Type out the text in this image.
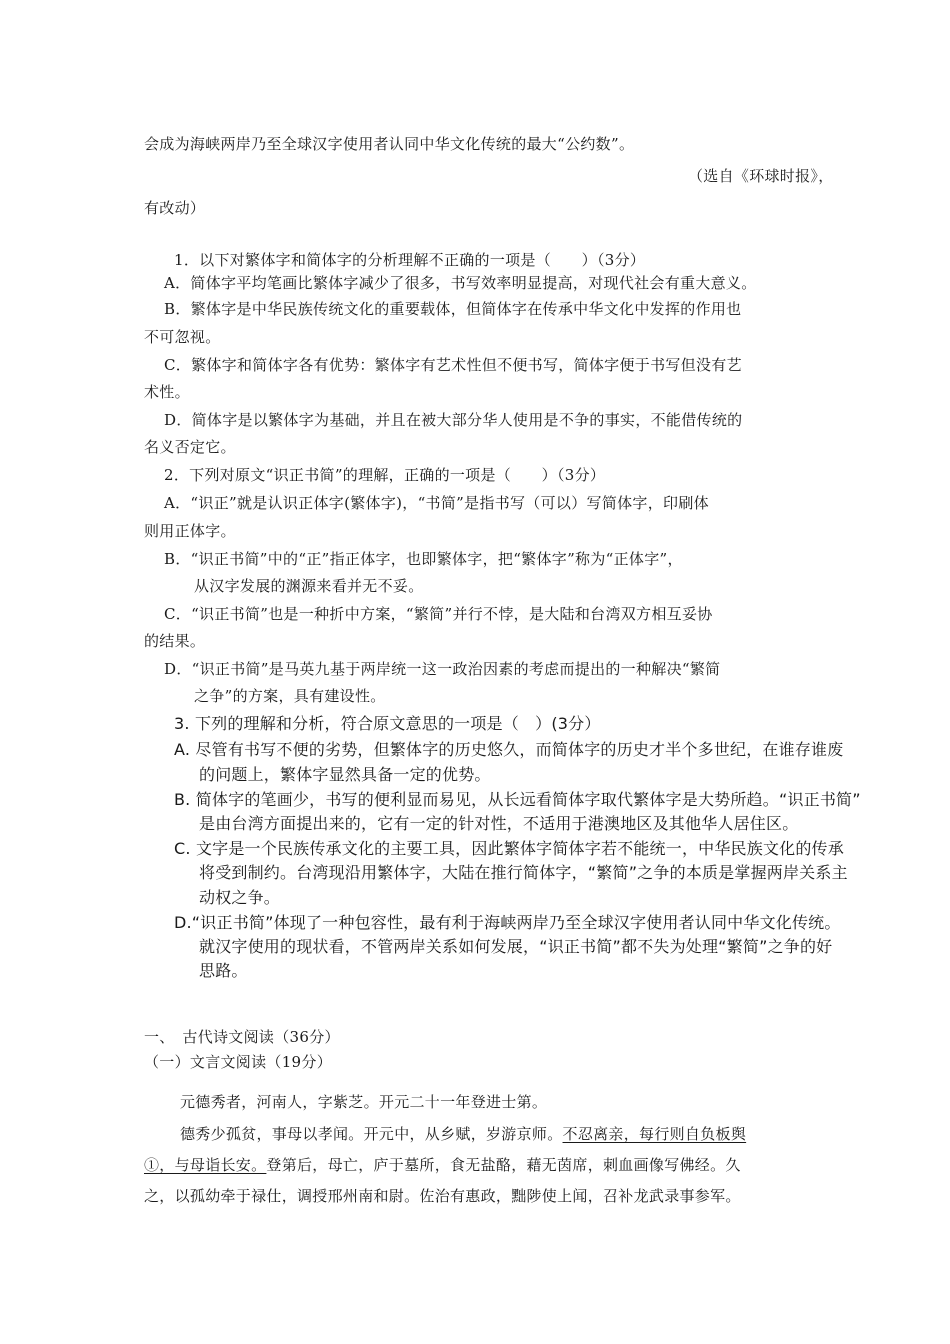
会成为海峡两岸乃至全球汉字使用者认同中华文化传统的最大“公约数”。
（选自《环球时报》，
有改动）
1．以下对繁体字和简体字的分析理解不正确的一项是（　　）（3分）
A．简体字平均笔画比繁体字减少了很多，书写效率明显提高，对现代社会有重大意义。
B．繁体字是中华民族传统文化的重要载体，但简体字在传承中华文化中发挥的作用也
不可忽视。
C．繁体字和简体字各有优势：繁体字有艺术性但不便书写，简体字便于书写但没有艺
术性。
D．简体字是以繁体字为基础，并且在被大部分华人使用是不争的事实，不能借传统的
名义否定它。
2．下列对原文“识正书简”的理解，正确的一项是（　　）（3分）
A．“识正”就是认识正体字(繁体字)，“书简”是指书写（可以）写简体字，印刷体
则用正体字。
B．“识正书简”中的“正”指正体字，也即繁体字，把“繁体字”称为“正体字”，
从汉字发展的渊源来看并无不妥。
C．“识正书简”也是一种折中方案，“繁简”并行不悖，是大陆和台湾双方相互妥协
的结果。
D．“识正书简”是马英九基于两岸统一这一政治因素的考虑而提出的一种解决“繁简
之争”的方案，具有建设性。
3. 下列的理解和分析，符合原文意思的一项是（　）(3分）
A. 尽管有书写不便的劣势，但繁体字的历史悠久，而简体字的历史才半个多世纪，在谁存谁废
的问题上，繁体字显然具备一定的优势。
B. 简体字的笔画少，书写的便利显而易见，从长远看简体字取代繁体字是大势所趋。“识正书简”
是由台湾方面提出来的，它有一定的针对性，不适用于港澳地区及其他华人居住区。
C. 文字是一个民族传承文化的主要工具，因此繁体字简体字若不能统一，中华民族文化的传承
将受到制约。台湾现沿用繁体字，大陆在推行简体字，“繁简”之争的本质是掌握两岸关系主
动权之争。
D.“识正书简”体现了一种包容性，最有利于海峡两岸乃至全球汉字使用者认同中华文化传统。
就汉字使用的现状看，不管两岸关系如何发展，“识正书简”都不失为处理“繁简”之争的好
思路。
一、　古代诗文阅读（36分）
（一）文言文阅读（19分）
元德秀者，河南人，字紫芝。开元二十一年登进士第。
德秀少孤贫，事母以孝闻。开元中，从乡赋，岁游京师。不忍离亲，每行则自负板舆
①，与母诣长安。登第后，母亡，庐于墓所，食无盐酪，藉无茵席，刺血画像写佛经。久
之，以孤幼牵于禄仕，调授邢州南和尉。佐治有惠政，黜陟使上闻，召补龙武录事参军。
